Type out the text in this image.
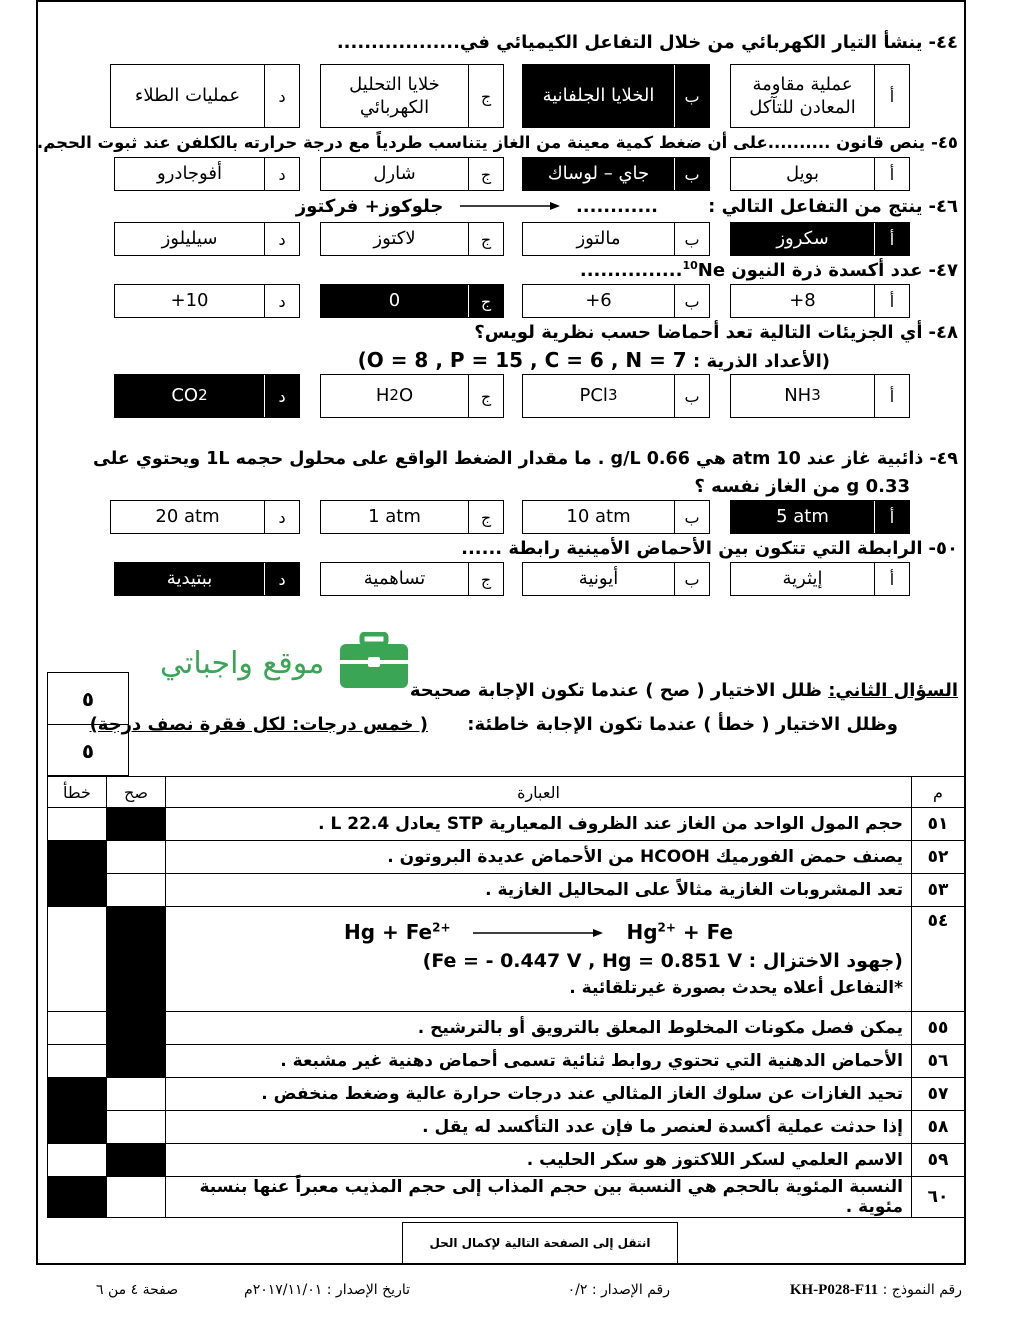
٤٤-ينشأ التيار الكهربائي من خلال التفاعل الكيميائي في..................
أ
عملية مقاومة المعادن للتآكل
ب
الخلايا الجلفانية
ج
خلايا التحليل الكهربائي
د
عمليات الطلاء
٤٥-ينص قانون ..........على أن ضغط كمية معينة من الغاز يتناسب طردياً مع درجة حرارته بالكلفن عند ثبوت الحجم.
أ
بويل
ب
جاي – لوساك
ج
شارل
د
أفوجادرو
٤٦-ينتج من التفاعل التالي :
............  جلوكوز+ فركتوز
أ
سكروز
ب
مالتوز
ج
لاكتوز
د
سيليلوز
٤٧-عدد أكسدة ذرة النيون $^{10}$Ne...............
أ
+8
ب
+6
ج
0
د
+10
٤٨-أي الجزيئات التالية تعد أحماضا حسب نظرية لويس؟
(الأعداد الذرية : (O = 8 , P = 15 , C = 6 , N = 7
أ
NH 3
ب
PCl 3
ج
H 2 O
د
CO 2
٤٩-ذائبية غاز عند 10 atm هي 0.66 g/L . ما مقدار الضغط الواقع على محلول حجمه 1L ويحتوي على
0.33 g من الغاز نفسه ؟
أ
5 atm
ب
10 atm
ج
1 atm
د
20 atm
٥٠-الرابطة التي تتكون بين الأحماض الأمينية رابطة ......
أ
إيثرية
ب
أيونية
ج
تساهمية
د
ببتيدية
موقع واجباتي
٥
٥
السؤال الثاني: ظلل الاختيار ( صح ) عندما تكون الإجابة صحيحة
وظلل الاختيار ( خطأ ) عندما تكون الإجابة خاطئة:
( خمس درجات: لكل فقرة نصف درجة)
م	العبارة	صح	خطأ
٥١	حجم المول الواحد من الغاز عند الظروف المعيارية STP يعادل 22.4 L .		
٥٢	يصنف حمض الفورميك HCOOH من الأحماض عديدة البروتون .		
٥٣	تعد المشروبات الغازية مثالاً على المحاليل الغازية .		
٥٤	$Hg + Fe^{2+}$ $Hg^{2+} + Fe$
(جهود الاختزال : (Fe = - 0.447 V , Hg = 0.851 V
*التفاعل أعلاه يحدث بصورة غيرتلقائية .		

٥٥	يمكن فصل مكونات المخلوط المعلق بالترويق أو بالترشيح .		
٥٦	الأحماض الدهنية التي تحتوي روابط ثنائية تسمى أحماض دهنية غير مشبعة .		
٥٧	تحيد الغازات عن سلوك الغاز المثالي عند درجات حرارة عالية وضغط منخفض .		
٥٨	إذا حدثت عملية أكسدة لعنصر ما فإن عدد التأكسد له يقل .		
٥٩	الاسم العلمي لسكر اللاكتوز هو سكر الحليب .		
٦٠	النسبة المئوية بالحجم هي النسبة بين حجم المذاب إلى حجم المذيب معبراً عنها بنسبة مئوية .		
انتقل إلى الصفحة التالية لإكمال الحل
رقم النموذج : KH-P028-F11
رقم الإصدار : ٠/٢
تاريخ الإصدار : ٢٠١٧/١١/٠١م
صفحة ٤ من ٦
